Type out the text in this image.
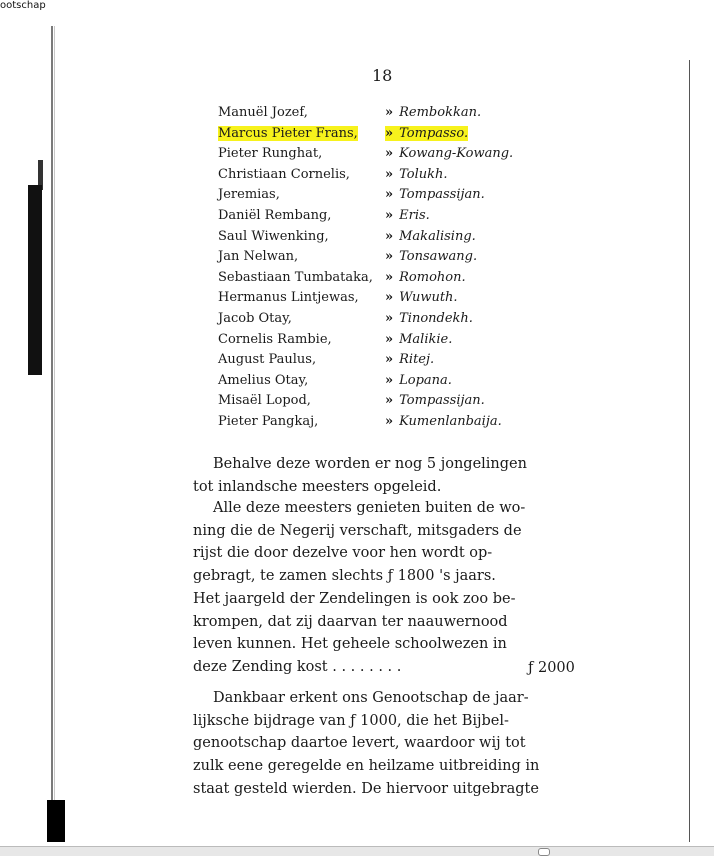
ootschap
18
Manuël Jozef,
Marcus Pieter Frans,
Pieter Runghat,
Christiaan Cornelis,
Jeremias,
Daniël Rembang,
Saul Wiwenking,
Jan Nelwan,
Sebastiaan Tumbataka,
Hermanus Lintjewas,
Jacob Otay,
Cornelis Rambie,
August Paulus,
Amelius Otay,
Misaël Lopod,
Pieter Pangkaj,
» Rembokkan.
» Tompasso.
» Kowang-Kowang.
» Tolukh.
» Tompassijan.
» Eris.
» Makalising.
» Tonsawang.
» Romohon.
» Wuwuth.
» Tinondekh.
» Malikie.
» Ritej.
» Lopana.
» Tompassijan.
» Kumenlanbaija.
Behalve deze worden er nog 5 jongelingen
tot inlandsche meesters opgeleid.
Alle deze meesters genieten buiten de wo-
ning die de Negerij verschaft, mitsgaders de
rijst die door dezelve voor hen wordt op-
gebragt, te zamen slechts ƒ 1800 's jaars.
Het jaargeld der Zendelingen is ook zoo be-
krompen, dat zij daarvan ter naauwernood
leven kunnen. Het geheele schoolwezen in
deze Zending kost . . . . . . . .	ƒ 2000
Dankbaar erkent ons Genootschap de jaar-
lijksche bijdrage van ƒ 1000, die het Bijbel-
genootschap daartoe levert, waardoor wij tot
zulk eene geregelde en heilzame uitbreiding in
staat gesteld wierden. De hiervoor uitgebragte
